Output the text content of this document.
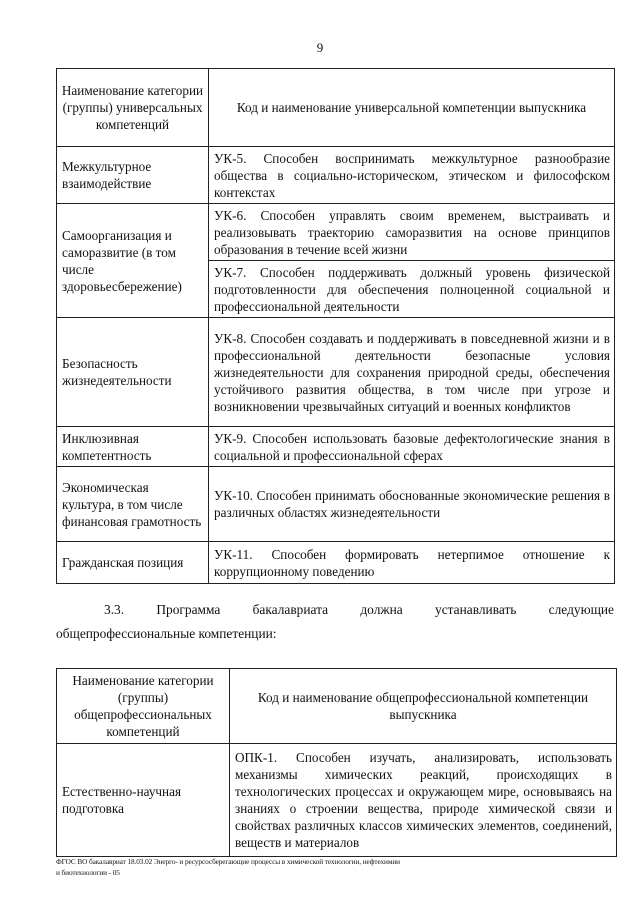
9
Наименование категории (группы) универсальных компетенций	Код и наименование универсальной компетенции выпускника
Межкультурное взаимодействие	УК-5. Способен воспринимать межкультурное разнообразие общества в социально-историческом, этическом и философском контекстах
Самоорганизация и саморазвитие (в том числе здоровьесбережение)	УК-6. Способен управлять своим временем, выстраивать и реализовывать траекторию саморазвития на основе принципов образования в течение всей жизни
	УК-7. Способен поддерживать должный уровень физической подготовленности для обеспечения полноценной социальной и профессиональной деятельности
Безопасность жизнедеятельности	УК-8. Способен создавать и поддерживать в повседневной жизни и в профессиональной деятельности безопасные условия жизнедеятельности для сохранения природной среды, обеспечения устойчивого развития общества, в том числе при угрозе и возникновении чрезвычайных ситуаций и военных конфликтов
Инклюзивная компетентность	УК-9. Способен использовать базовые дефектологические знания в социальной и профессиональной сферах
Экономическая культура, в том числе финансовая грамотность	УК-10. Способен принимать обоснованные экономические решения в различных областях жизнедеятельности
Гражданская позиция	УК-11. Способен формировать нетерпимое отношение к коррупционному поведению
3.3. Программа бакалавриата должна устанавливать следующие
общепрофессиональные компетенции:
Наименование категории (группы) общепрофессиональных компетенций	Код и наименование общепрофессиональной компетенции выпускника
Естественно-научная подготовка	ОПК-1. Способен изучать, анализировать, использовать механизмы химических реакций, происходящих в технологических процессах и окружающем мире, основываясь на знаниях о строении вещества, природе химической связи и свойствах различных классов химических элементов, соединений, веществ и материалов
ФГОС ВО бакалавриат 18.03.02 Энерго- и ресурсосберегающие процессы в химической технологии, нефтехимии
и биотехнологии - 05
